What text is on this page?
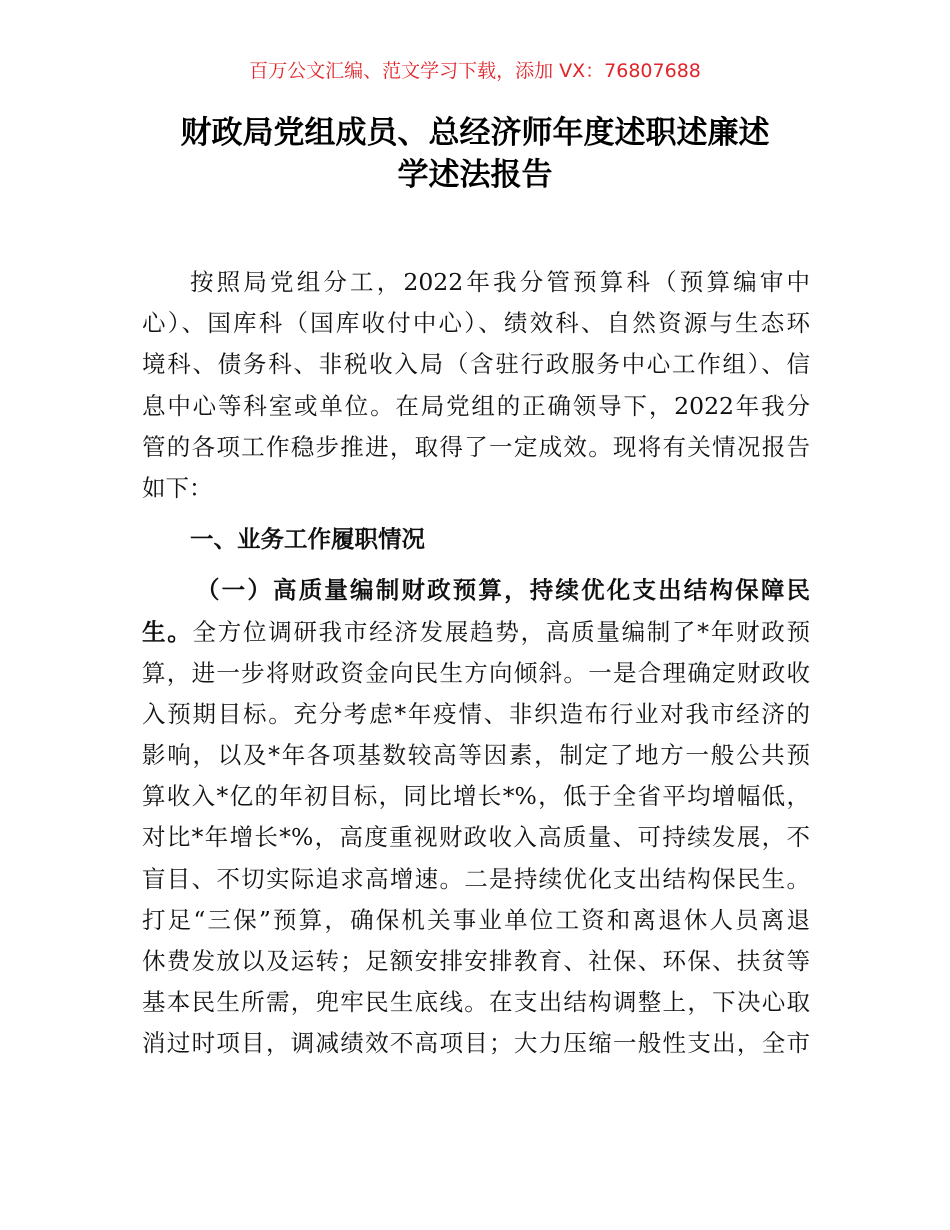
百万公文汇编、范文学习下载，添加 VX：76807688
财政局党组成员、总经济师年度述职述廉述
学述法报告
按照局党组分工，2022年我分管预算科（预算编审中
心）、国库科（国库收付中心）、绩效科、自然资源与生态环
境科、债务科、非税收入局（含驻行政服务中心工作组）、信
息中心等科室或单位。在局党组的正确领导下，2022年我分
管的各项工作稳步推进，取得了一定成效。现将有关情况报告
如下：
一、业务工作履职情况
（一）高质量编制财政预算，持续优化支出结构保障民
生。全方位调研我市经济发展趋势，高质量编制了*年财政预
算，进一步将财政资金向民生方向倾斜。一是合理确定财政收
入预期目标。充分考虑*年疫情、非织造布行业对我市经济的
影响，以及*年各项基数较高等因素，制定了地方一般公共预
算收入*亿的年初目标，同比增长*%，低于全省平均增幅低，
对比*年增长*%，高度重视财政收入高质量、可持续发展，不
盲目、不切实际追求高增速。二是持续优化支出结构保民生。
打足“三保”预算，确保机关事业单位工资和离退休人员离退
休费发放以及运转；足额安排安排教育、社保、环保、扶贫等
基本民生所需，兜牢民生底线。在支出结构调整上，下决心取
消过时项目，调减绩效不高项目；大力压缩一般性支出，全市
